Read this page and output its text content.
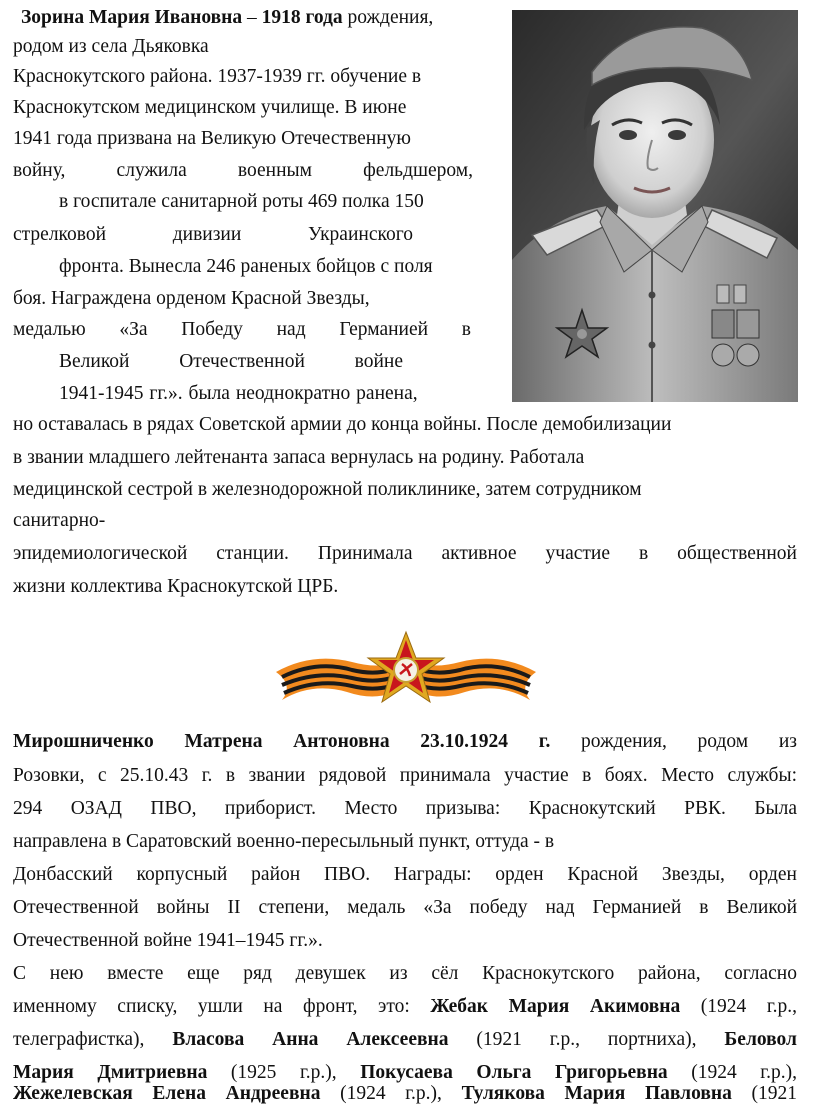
Зорина Мария Ивановна – 1918 года рождения,
родом из села Дьяковка
Краснокутского района. 1937-1939 гг. обучение в
Краснокутском медицинском училище. В июне
1941 года призвана на Великую Отечественную
войну, служила военным фельдшером,
в госпитале санитарной роты 469 полка 150
стрелковой дивизии Украинского
фронта. Вынесла 246 раненых бойцов с поля
боя. Награждена орденом Красной Звезды,
медалью «За Победу над Германией в
Великой Отечественной войне
1941-1945 гг.». была неоднократно ранена,
но оставалась в рядах Советской армии до конца войны. После демобилизации
в звании младшего лейтенанта запаса вернулась на родину. Работала
медицинской сестрой в железнодорожной поликлинике, затем сотрудником
санитарно-
эпидемиологической станции. Принимала активное участие в общественной
жизни коллектива Краснокутской ЦРБ.
Мирошниченко Матрена Антоновна 23.10.1924 г. рождения, родом из
Розовки, с 25.10.43 г. в звании рядовой принимала участие в боях. Место службы:
294 ОЗАД ПВО, приборист. Место призыва: Краснокутский РВК. Была
направлена в Саратовский военно-пересыльный пункт, оттуда - в
Донбасский корпусный район ПВО. Награды: орден Красной Звезды, орден
Отечественной войны II степени, медаль «За победу над Германией в Великой
Отечественной войне 1941–1945 гг.».
С нею вместе еще ряд девушек из сёл Краснокутского района, согласно
именному списку, ушли на фронт, это: Жебак Мария Акимовна (1924 г.р.,
телеграфистка), Власова Анна Алексеевна (1921 г.р., портниха), Беловол
Мария Дмитриевна (1925 г.р.), Покусаева Ольга Григорьевна (1924 г.р.),
Жежелевская Елена Андреевна (1924 г.р.), Тулякова Мария Павловна (1921
